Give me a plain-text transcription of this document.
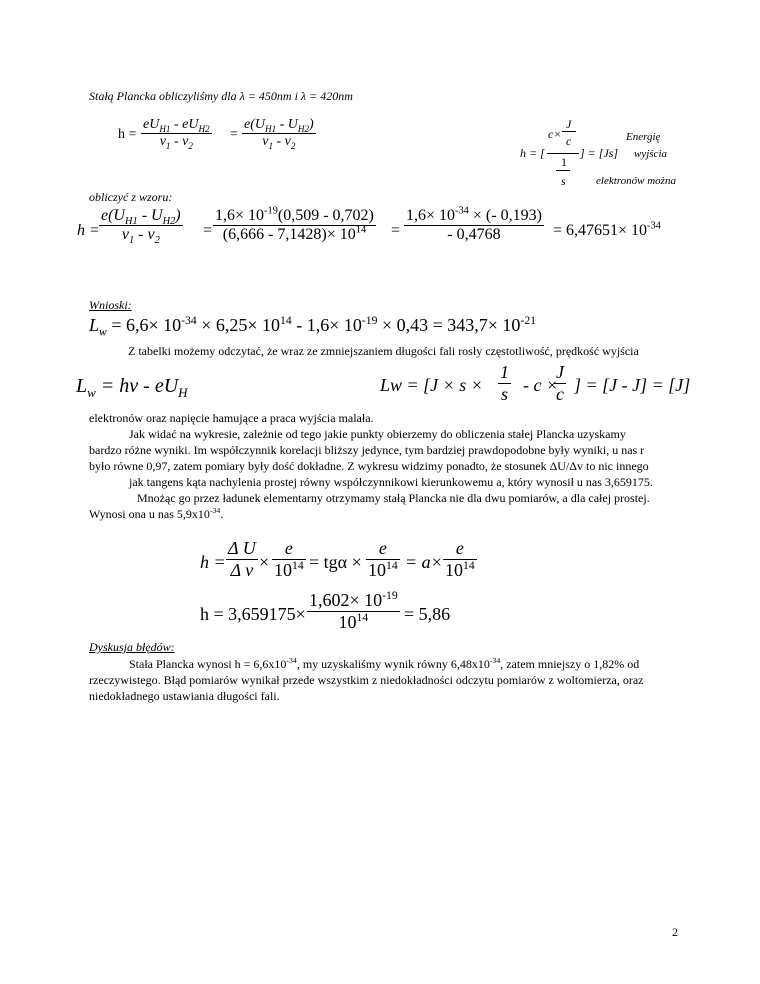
Stałą Plancka obliczyliśmy dla λ = 450nm i λ = 420nm
h =
$eU_{H1} - eU_{H2}$
$v_1 - v_2$
= $\frac{e(U_{H1} - U_{H2})}{v_1 - v_2}$	J
c× c
h = [
1
s
] = [Js]
Energię
wyjścia
elektronów można
obliczyć z wzoru:
$h = \frac{e(U_{H1} - U_{H2})}{v_1 - v_2} = \frac{1,6\times 10^{-19}(0,509 - 0,702)}{(6,666 - 7,1428)\times 10^{14}} = \frac{1,6\times 10^{-34} \times (- 0,193)}{- 0,4768} = 6,47651\times 10^{-34}$
Wnioski:
$L_w = 6,6\times 10^{-34} \times 6,25\times 10^{14} - 1,6\times 10^{-19} \times 0,43 = 343,7\times 10^{-21}$
Z tabelki możemy odczytać, że wraz ze zmniejszaniem długości fali rosły częstotliwość, prędkość wyjścia
$L_w$ = hv - $eU_H$	$Lw = [J \times s \times \frac{1}{s} - c$ ×
$\frac{J}{c}$ ] = [J - J] = [J]
elektronów oraz napięcie hamujące a praca wyjścia malała.
Jak widać na wykresie, zależnie od tego jakie punkty obierzemy do obliczenia stałej Plancka uzyskamy
bardzo różne wyniki. Im współczynnik korelacji bliższy jedyncе, tym bardziej prawdopodobne były wyniki, u nas r
było równe 0,97, zatem pomiary były dość dokładne. Z wykresu widzimy ponadto, że stosunek ΔU/Δv to nic innego
jak tangens kąta nachylenia prostej równy współczynnikowi kierunkowemu a, który wynosił u nas 3,659175.
Mnożąc go przez ładunek elementarny otrzymamy stałą Plancka nie dla dwu pomiarów, a dla całej prostej.
Wynosi ona u nas $5,9x10^{-34}$.
$h = \frac{\text{Δ U}}{\text{Δ v}} \times \frac{e}{10^{14}} = tg\alpha \times \frac{e}{10^{14}} = a\times \frac{e}{10^{14}}$
$h = 3,659175\times \frac{1,602\times 10^{-19}}{10^{14}} = 5,86$
Dyskusja błędów:
Stała Plancka wynosi $h = 6,6x10^{-34}$, my uzyskaliśmy wynik równy $6,48x10^{-34}$, zatem mniejszy o 1,82% od
rzeczywistego. Błąd pomiarów wynikał przede wszystkim z niedokładności odczytu pomiarów z woltomierza, oraz
niedokładnego ustawiania długości fali.
2
